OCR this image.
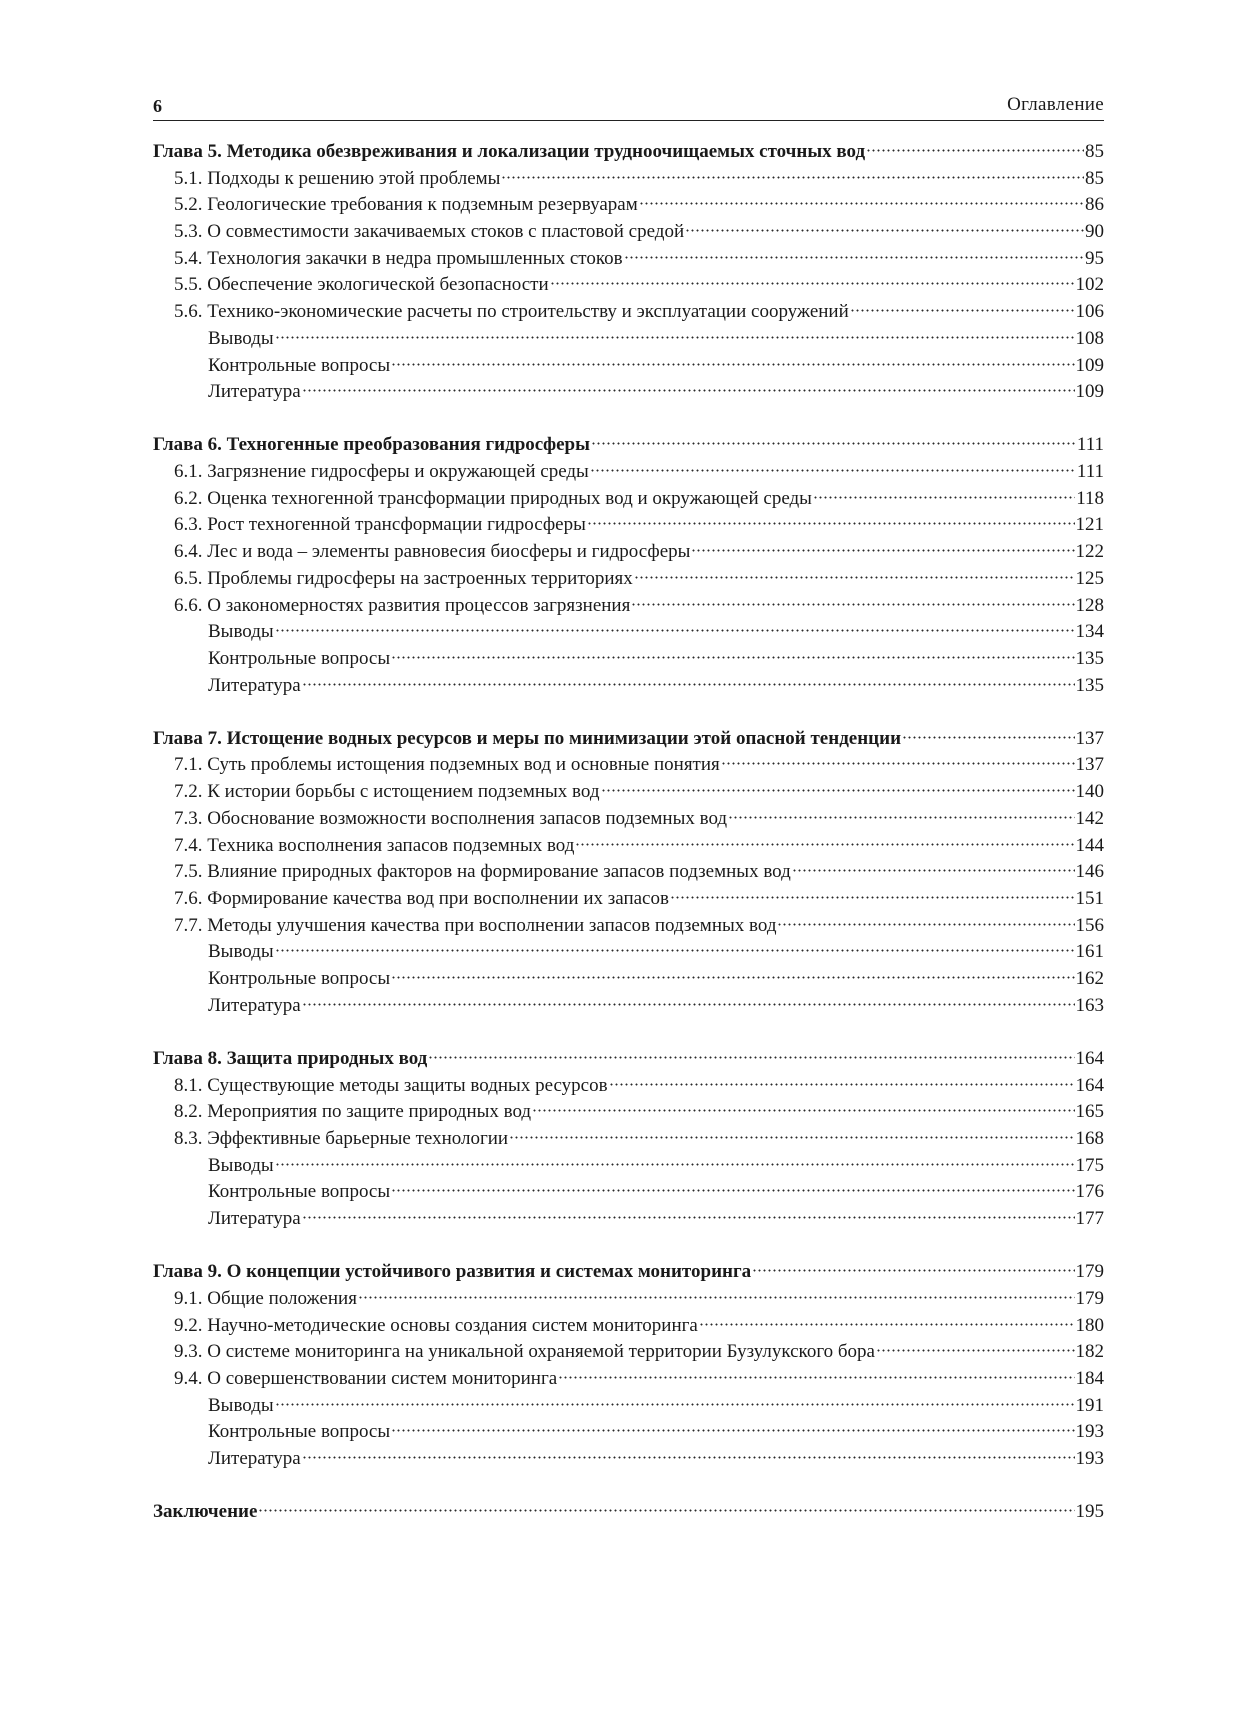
6	Оглавление
Глава 5. Методика обезвреживания и локализации трудноочищаемых сточных вод	85
5.1. Подходы к решению этой проблемы	85
5.2. Геологические требования к подземным резервуарам	86
5.3. О совместимости закачиваемых стоков с пластовой средой	90
5.4. Технология закачки в недра промышленных стоков	95
5.5. Обеспечение экологической безопасности	102
5.6. Технико-экономические расчеты по строительству и эксплуатации сооружений	106
Выводы	108
Контрольные вопросы	109
Литература	109
Глава 6. Техногенные преобразования гидросферы	111
6.1. Загрязнение гидросферы и окружающей среды	111
6.2. Оценка техногенной трансформации природных вод и окружающей среды	118
6.3. Рост техногенной трансформации гидросферы	121
6.4. Лес и вода – элементы равновесия биосферы и гидросферы	122
6.5. Проблемы гидросферы на застроенных территориях	125
6.6. О закономерностях развития процессов загрязнения	128
Выводы	134
Контрольные вопросы	135
Литература	135
Глава 7. Истощение водных ресурсов и меры по минимизации этой опасной тенденции	137
7.1. Суть проблемы истощения подземных вод и основные понятия	137
7.2. К истории борьбы с истощением подземных вод	140
7.3. Обоснование возможности восполнения запасов подземных вод	142
7.4. Техника восполнения запасов подземных вод	144
7.5. Влияние природных факторов на формирование запасов подземных вод	146
7.6. Формирование качества вод при восполнении их запасов	151
7.7. Методы улучшения качества при восполнении запасов подземных вод	156
Выводы	161
Контрольные вопросы	162
Литература	163
Глава 8. Защита природных вод	164
8.1. Существующие методы защиты водных ресурсов	164
8.2. Мероприятия по защите природных вод	165
8.3. Эффективные барьерные технологии	168
Выводы	175
Контрольные вопросы	176
Литература	177
Глава 9. О концепции устойчивого развития и системах мониторинга	179
9.1. Общие положения	179
9.2. Научно-методические основы создания систем мониторинга	180
9.3. О системе мониторинга на уникальной охраняемой территории Бузулукского бора	182
9.4. О совершенствовании систем мониторинга	184
Выводы	191
Контрольные вопросы	193
Литература	193
Заключение	195
